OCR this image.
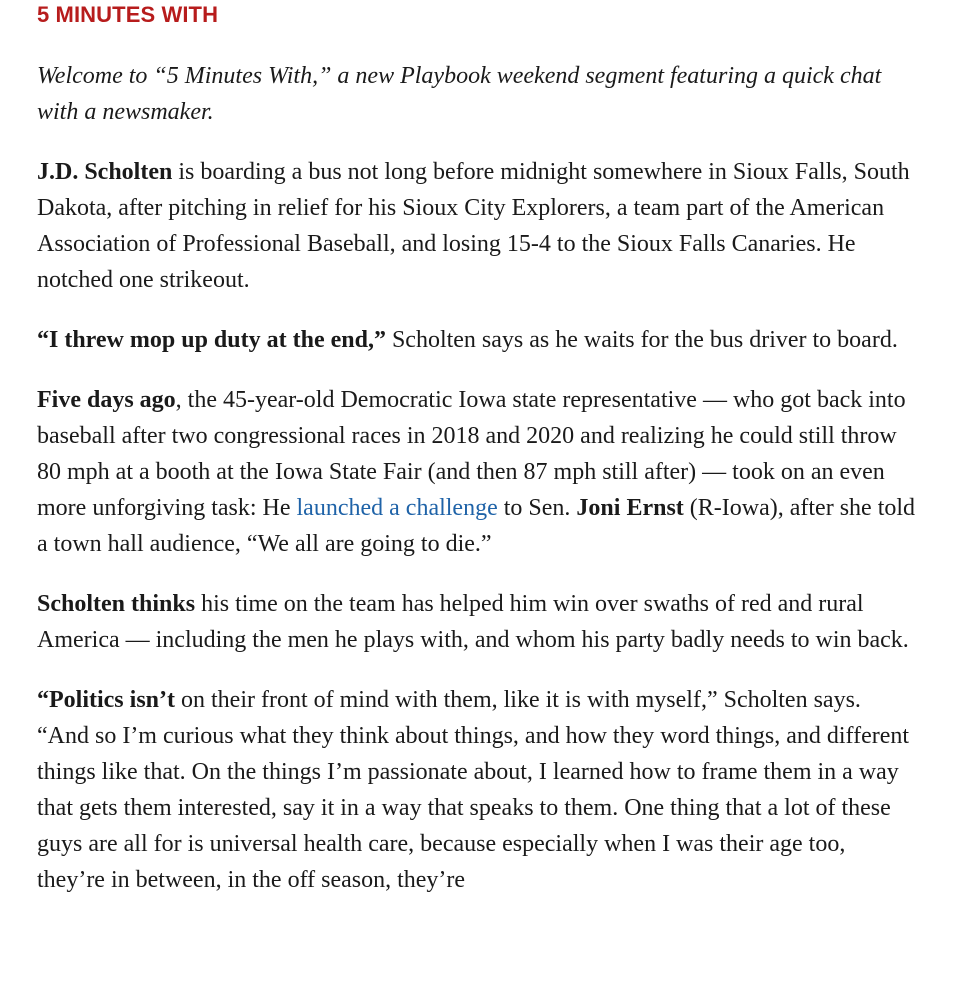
5 MINUTES WITH

Welcome to “5 Minutes With,” a new Playbook weekend segment featuring a quick chat with a newsmaker.

J.D. Scholten is boarding a bus not long before midnight somewhere in Sioux Falls, South Dakota, after pitching in relief for his Sioux City Explorers, a team part of the American Association of Professional Baseball, and losing 15-4 to the Sioux Falls Canaries. He notched one strikeout.

“I threw mop up duty at the end,” Scholten says as he waits for the bus driver to board.

Five days ago, the 45-year-old Democratic Iowa state representative — who got back into baseball after two congressional races in 2018 and 2020 and realizing he could still throw 80 mph at a booth at the Iowa State Fair (and then 87 mph still after) — took on an even more unforgiving task: He launched a challenge to Sen. Joni Ernst (R-Iowa), after she told a town hall audience, “We all are going to die.”

Scholten thinks his time on the team has helped him win over swaths of red and rural America — including the men he plays with, and whom his party badly needs to win back.

“Politics isn’t on their front of mind with them, like it is with myself,” Scholten says. “And so I’m curious what they think about things, and how they word things, and different things like that. On the things I’m passionate about, I learned how to frame them in a way that gets them interested, say it in a way that speaks to them. One thing that a lot of these guys are all for is universal health care, because especially when I was their age too, they’re in between, in the off season, they’re
